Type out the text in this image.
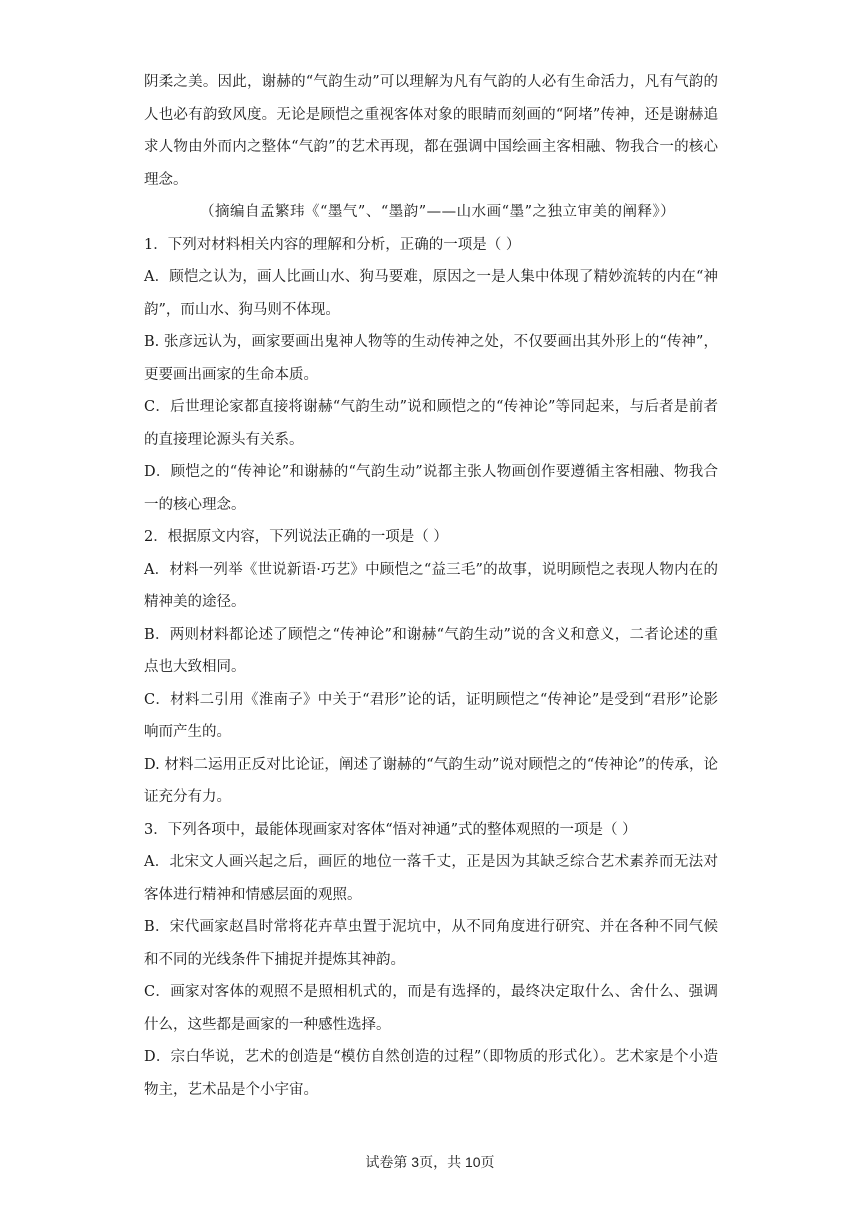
阴柔之美。因此，谢赫的“气韵生动”可以理解为凡有气韵的人必有生命活力，凡有气韵的人也必有韵致风度。无论是顾恺之重视客体对象的眼睛而刻画的“阿堵”传神，还是谢赫追求人物由外而内之整体“气韵”的艺术再现，都在强调中国绘画主客相融、物我合一的核心理念。

（摘编自孟繁玮《“墨气”、“墨韵”——山水画“墨”之独立审美的阐释》）

1．下列对材料相关内容的理解和分析，正确的一项是（ ）

A．顾恺之认为，画人比画山水、狗马要难，原因之一是人集中体现了精妙流转的内在“神韵”，而山水、狗马则不体现。

B. 张彦远认为，画家要画出鬼神人物等的生动传神之处，不仅要画出其外形上的“传神”，更要画出画家的生命本质。

C．后世理论家都直接将谢赫“气韵生动”说和顾恺之的“传神论”等同起来，与后者是前者的直接理论源头有关系。

D．顾恺之的“传神论”和谢赫的“气韵生动”说都主张人物画创作要遵循主客相融、物我合一的核心理念。

2．根据原文内容，下列说法正确的一项是（ ）

A．材料一列举《世说新语·巧艺》中顾恺之“益三毛”的故事，说明顾恺之表现人物内在的精神美的途径。

B．两则材料都论述了顾恺之“传神论”和谢赫“气韵生动”说的含义和意义，二者论述的重点也大致相同。

C．材料二引用《淮南子》中关于“君形”论的话，证明顾恺之“传神论”是受到“君形”论影响而产生的。

D. 材料二运用正反对比论证，阐述了谢赫的“气韵生动”说对顾恺之的“传神论”的传承，论证充分有力。

3．下列各项中，最能体现画家对客体“悟对神通”式的整体观照的一项是（ ）

A．北宋文人画兴起之后，画匠的地位一落千丈，正是因为其缺乏综合艺术素养而无法对客体进行精神和情感层面的观照。

B．宋代画家赵昌时常将花卉草虫置于泥坑中，从不同角度进行研究、并在各种不同气候和不同的光线条件下捕捉并提炼其神韵。

C．画家对客体的观照不是照相机式的，而是有选择的，最终决定取什么、舍什么、强调什么，这些都是画家的一种感性选择。

D．宗白华说，艺术的创造是“模仿自然创造的过程”（即物质的形式化）。艺术家是个小造物主，艺术品是个小宇宙。

试卷第 3页，共 10页
